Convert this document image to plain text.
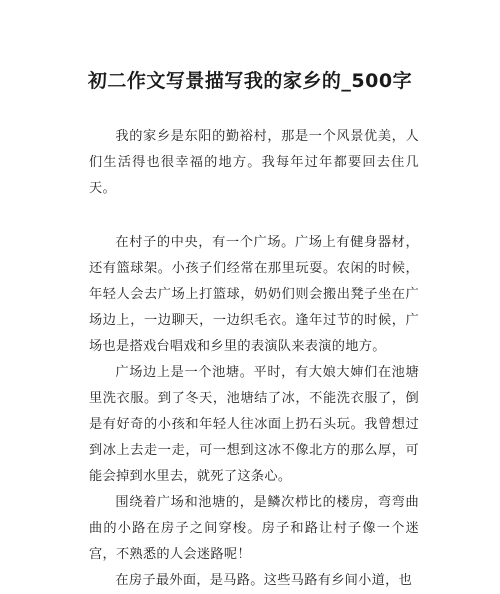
初二作文写景描写我的家乡的_500字

我的家乡是东阳的勤裕村，那是一个风景优美，人们生活得也很幸福的地方。我每年过年都要回去住几天。

在村子的中央，有一个广场。广场上有健身器材，还有篮球架。小孩子们经常在那里玩耍。农闲的时候，年轻人会去广场上打篮球，奶奶们则会搬出凳子坐在广场边上，一边聊天，一边织毛衣。逢年过节的时候，广场也是搭戏台唱戏和乡里的表演队来表演的地方。

广场边上是一个池塘。平时，有大娘大婶们在池塘里洗衣服。到了冬天，池塘结了冰，不能洗衣服了，倒是有好奇的小孩和年轻人往冰面上扔石头玩。我曾想过到冰上去走一走，可一想到这冰不像北方的那么厚，可能会掉到水里去，就死了这条心。

围绕着广场和池塘的，是鳞次栉比的楼房，弯弯曲曲的小路在房子之间穿梭。房子和路让村子像一个迷宫，不熟悉的人会迷路呢！

在房子最外面，是马路。这些马路有乡间小道，也
